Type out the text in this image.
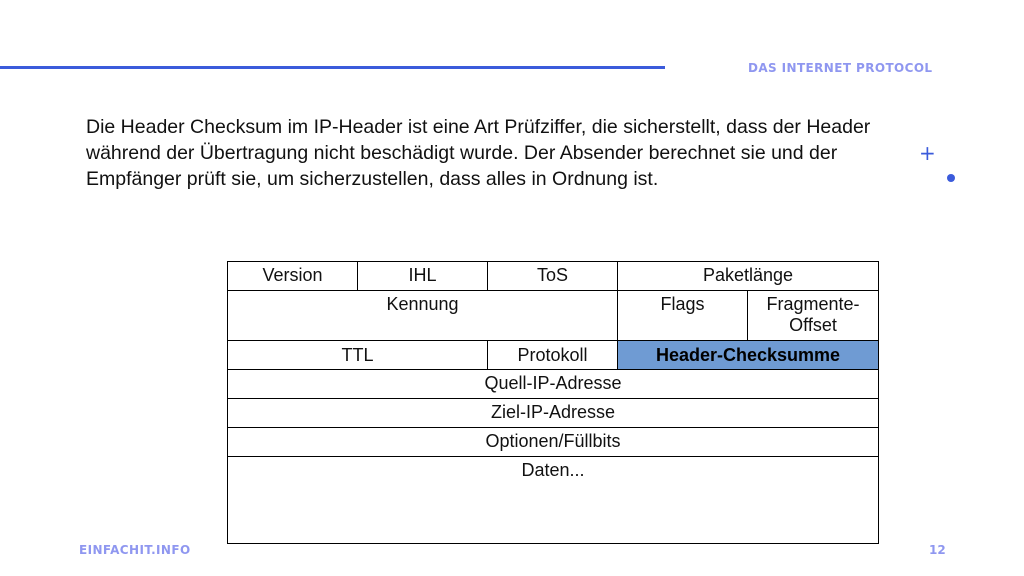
DAS INTERNET PROTOCOL
Die Header Checksum im IP-Header ist eine Art Prüfziffer, die sicherstellt, dass der Header während der Übertragung nicht beschädigt wurde. Der Absender berechnet sie und der Empfänger prüft sie, um sicherzustellen, dass alles in Ordnung ist.
+
Version	IHL	ToS	Paketlänge	
Kennung			Flags	Fragmente-Offset
TTL		Protokoll	Header-Checksumme	
Quell-IP-Adresse				
Ziel-IP-Adresse				
Optionen/Füllbits				
Daten...				
EINFACHIT.INFO	12
